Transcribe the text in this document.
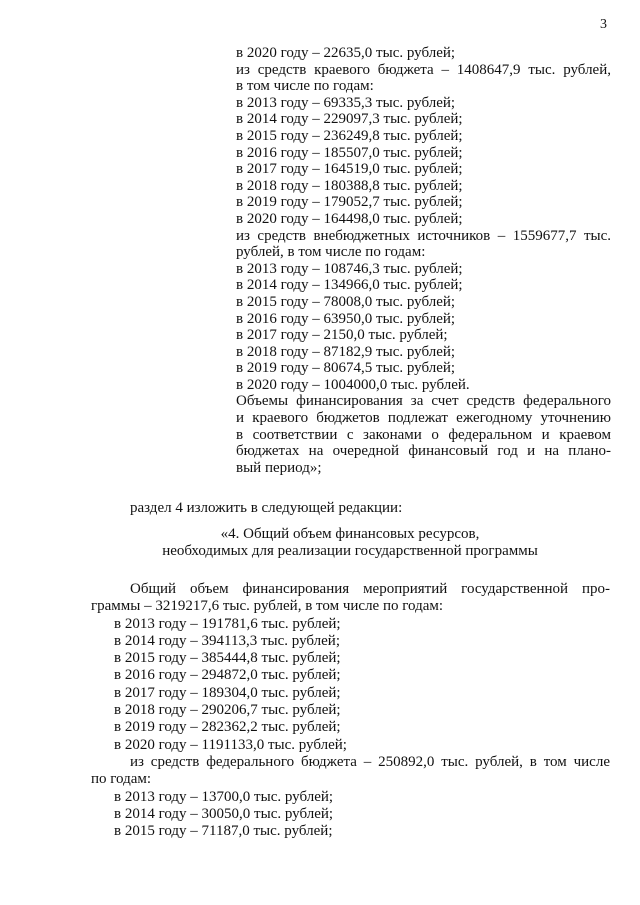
3
в 2020 году – 22635,0 тыс. рублей;
из средств краевого бюджета – 1408647,9 тыс. рублей,
в том числе по годам:
в 2013 году – 69335,3 тыс. рублей;
в 2014 году – 229097,3 тыс. рублей;
в 2015 году – 236249,8 тыс. рублей;
в 2016 году – 185507,0 тыс. рублей;
в 2017 году – 164519,0 тыс. рублей;
в 2018 году – 180388,8 тыс. рублей;
в 2019 году – 179052,7 тыс. рублей;
в 2020 году – 164498,0 тыс. рублей;
из средств внебюджетных источников – 1559677,7 тыс.
рублей, в том числе по годам:
в 2013 году – 108746,3 тыс. рублей;
в 2014 году – 134966,0 тыс. рублей;
в 2015 году – 78008,0 тыс. рублей;
в 2016 году – 63950,0 тыс. рублей;
в 2017 году – 2150,0 тыс. рублей;
в 2018 году – 87182,9 тыс. рублей;
в 2019 году – 80674,5 тыс. рублей;
в 2020 году – 1004000,0 тыс. рублей.
Объемы финансирования за счет средств федерального
и краевого бюджетов подлежат ежегодному уточнению
в соответствии с законами о федеральном и краевом
бюджетах на очередной финансовый год и на плано-
вый период»;
раздел 4 изложить в следующей редакции:
«4. Общий объем финансовых ресурсов,
необходимых для реализации государственной программы
Общий объем финансирования мероприятий государственной про-
граммы – 3219217,6 тыс. рублей, в том числе по годам:
в 2013 году – 191781,6 тыс. рублей;
в 2014 году – 394113,3 тыс. рублей;
в 2015 году – 385444,8 тыс. рублей;
в 2016 году – 294872,0 тыс. рублей;
в 2017 году – 189304,0 тыс. рублей;
в 2018 году – 290206,7 тыс. рублей;
в 2019 году – 282362,2 тыс. рублей;
в 2020 году – 1191133,0 тыс. рублей;
из средств федерального бюджета – 250892,0 тыс. рублей, в том числе
по годам:
в 2013 году – 13700,0 тыс. рублей;
в 2014 году – 30050,0 тыс. рублей;
в 2015 году – 71187,0 тыс. рублей;
